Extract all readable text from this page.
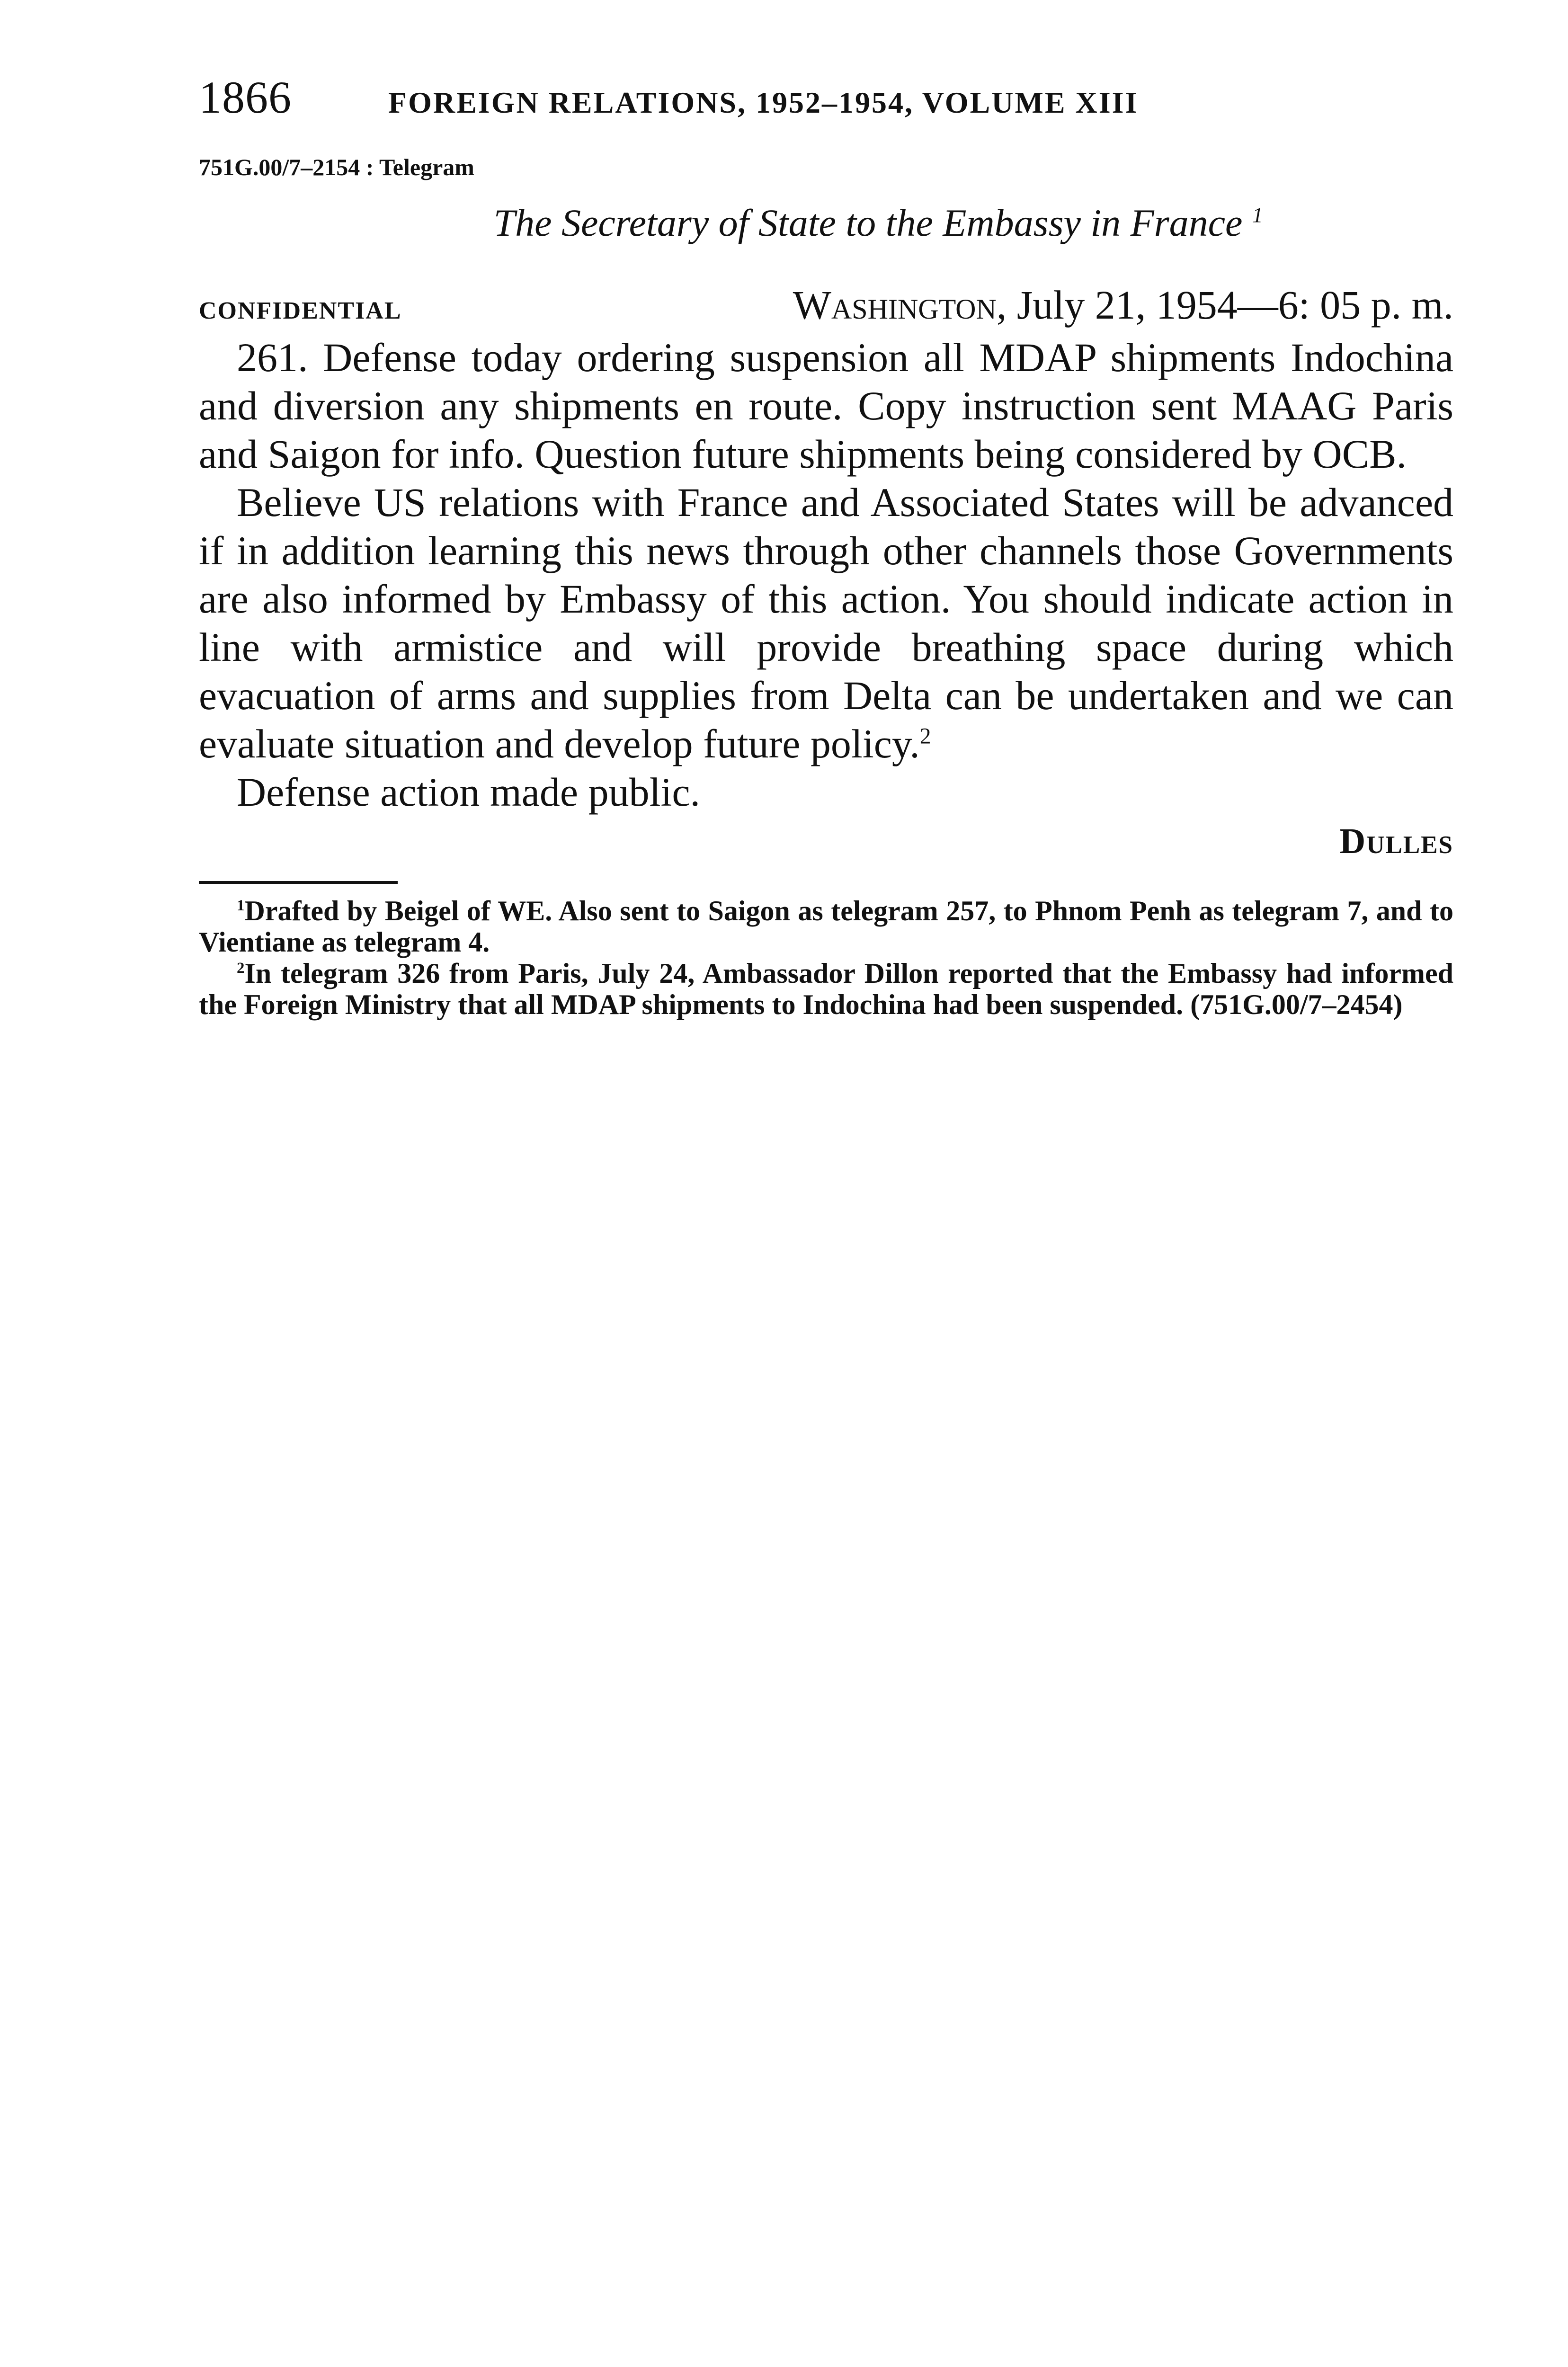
1866	FOREIGN RELATIONS, 1952–1954, VOLUME XIII
751G.00/7–2154 : Telegram
The Secretary of State to the Embassy in France $^1$
CONFIDENTIAL	Washington, July 21, 1954—6: 05 p. m.

261. Defense today ordering suspension all MDAP shipments Indochina and diversion any shipments en route. Copy instruction sent MAAG Paris and Saigon for info. Question future shipments being considered by OCB.

Believe US relations with France and Associated States will be advanced if in addition learning this news through other channels those Governments are also informed by Embassy of this action. You should indicate action in line with armistice and will provide breathing space during which evacuation of arms and supplies from Delta can be undertaken and we can evaluate situation and develop future policy.$^2$

Defense action made public.

Dulles

$^1$Drafted by Beigel of WE. Also sent to Saigon as telegram 257, to Phnom Penh as telegram 7, and to Vientiane as telegram 4.

$^2$In telegram 326 from Paris, July 24, Ambassador Dillon reported that the Embassy had informed the Foreign Ministry that all MDAP shipments to Indochina had been suspended. (751G.00/7–2454)
